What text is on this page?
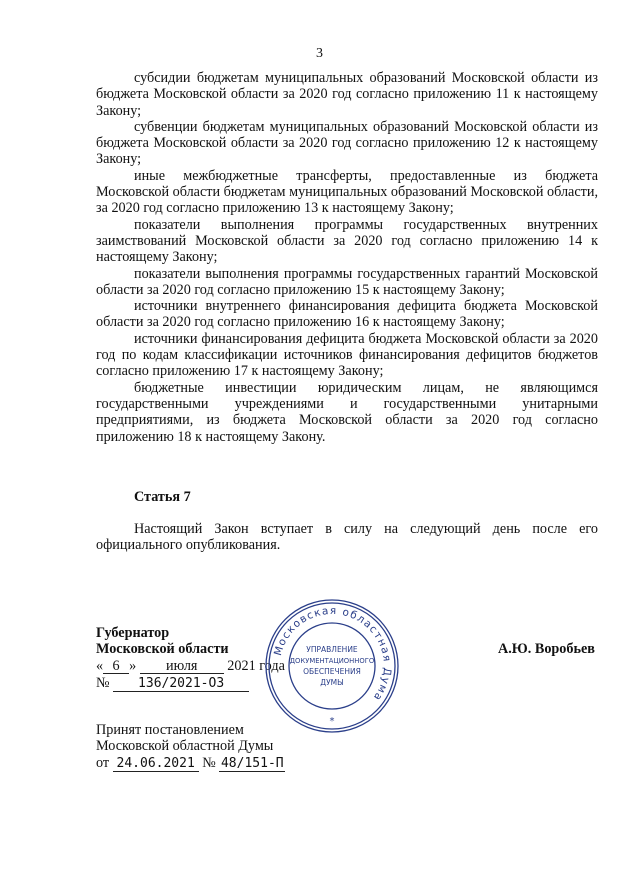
3

субсидии бюджетам муниципальных образований Московской области из бюджета Московской области за 2020 год согласно приложению 11 к настоящему Закону;

субвенции бюджетам муниципальных образований Московской области из бюджета Московской области за 2020 год согласно приложению 12 к настоящему Закону;

иные межбюджетные трансферты, предоставленные из бюджета Московской области бюджетам муниципальных образований Московской области, за 2020 год согласно приложению 13 к настоящему Закону;

показатели выполнения программы государственных внутренних заимствований Московской области за 2020 год согласно приложению 14 к настоящему Закону;

показатели выполнения программы государственных гарантий Московской области за 2020 год согласно приложению 15 к настоящему Закону;

источники внутреннего финансирования дефицита бюджета Московской области за 2020 год согласно приложению 16 к настоящему Закону;

источники финансирования дефицита бюджета Московской области за 2020 год по кодам классификации источников финансирования дефицитов бюджетов согласно приложению 17 к настоящему Закону;

бюджетные инвестиции юридическим лицам, не являющимся государственными учреждениями и государственными унитарными предприятиями, из бюджета Московской области за 2020 год согласно приложению 18 к настоящему Закону.

Статья 7

Настоящий Закон вступает в силу на следующий день после его официального опубликования.

Губернатор
Московской области
« 6 » июля 2021 года
№ 136/2021-ОЗ
А.Ю. Воробьев
Принят постановлением
Московской областной Думы
от 24.06.2021 № 48/151-П
Московская областная Дума
УПРАВЛЕНИЕ
ДОКУМЕНТАЦИОННОГО
ОБЕСПЕЧЕНИЯ
ДУМЫ
*
